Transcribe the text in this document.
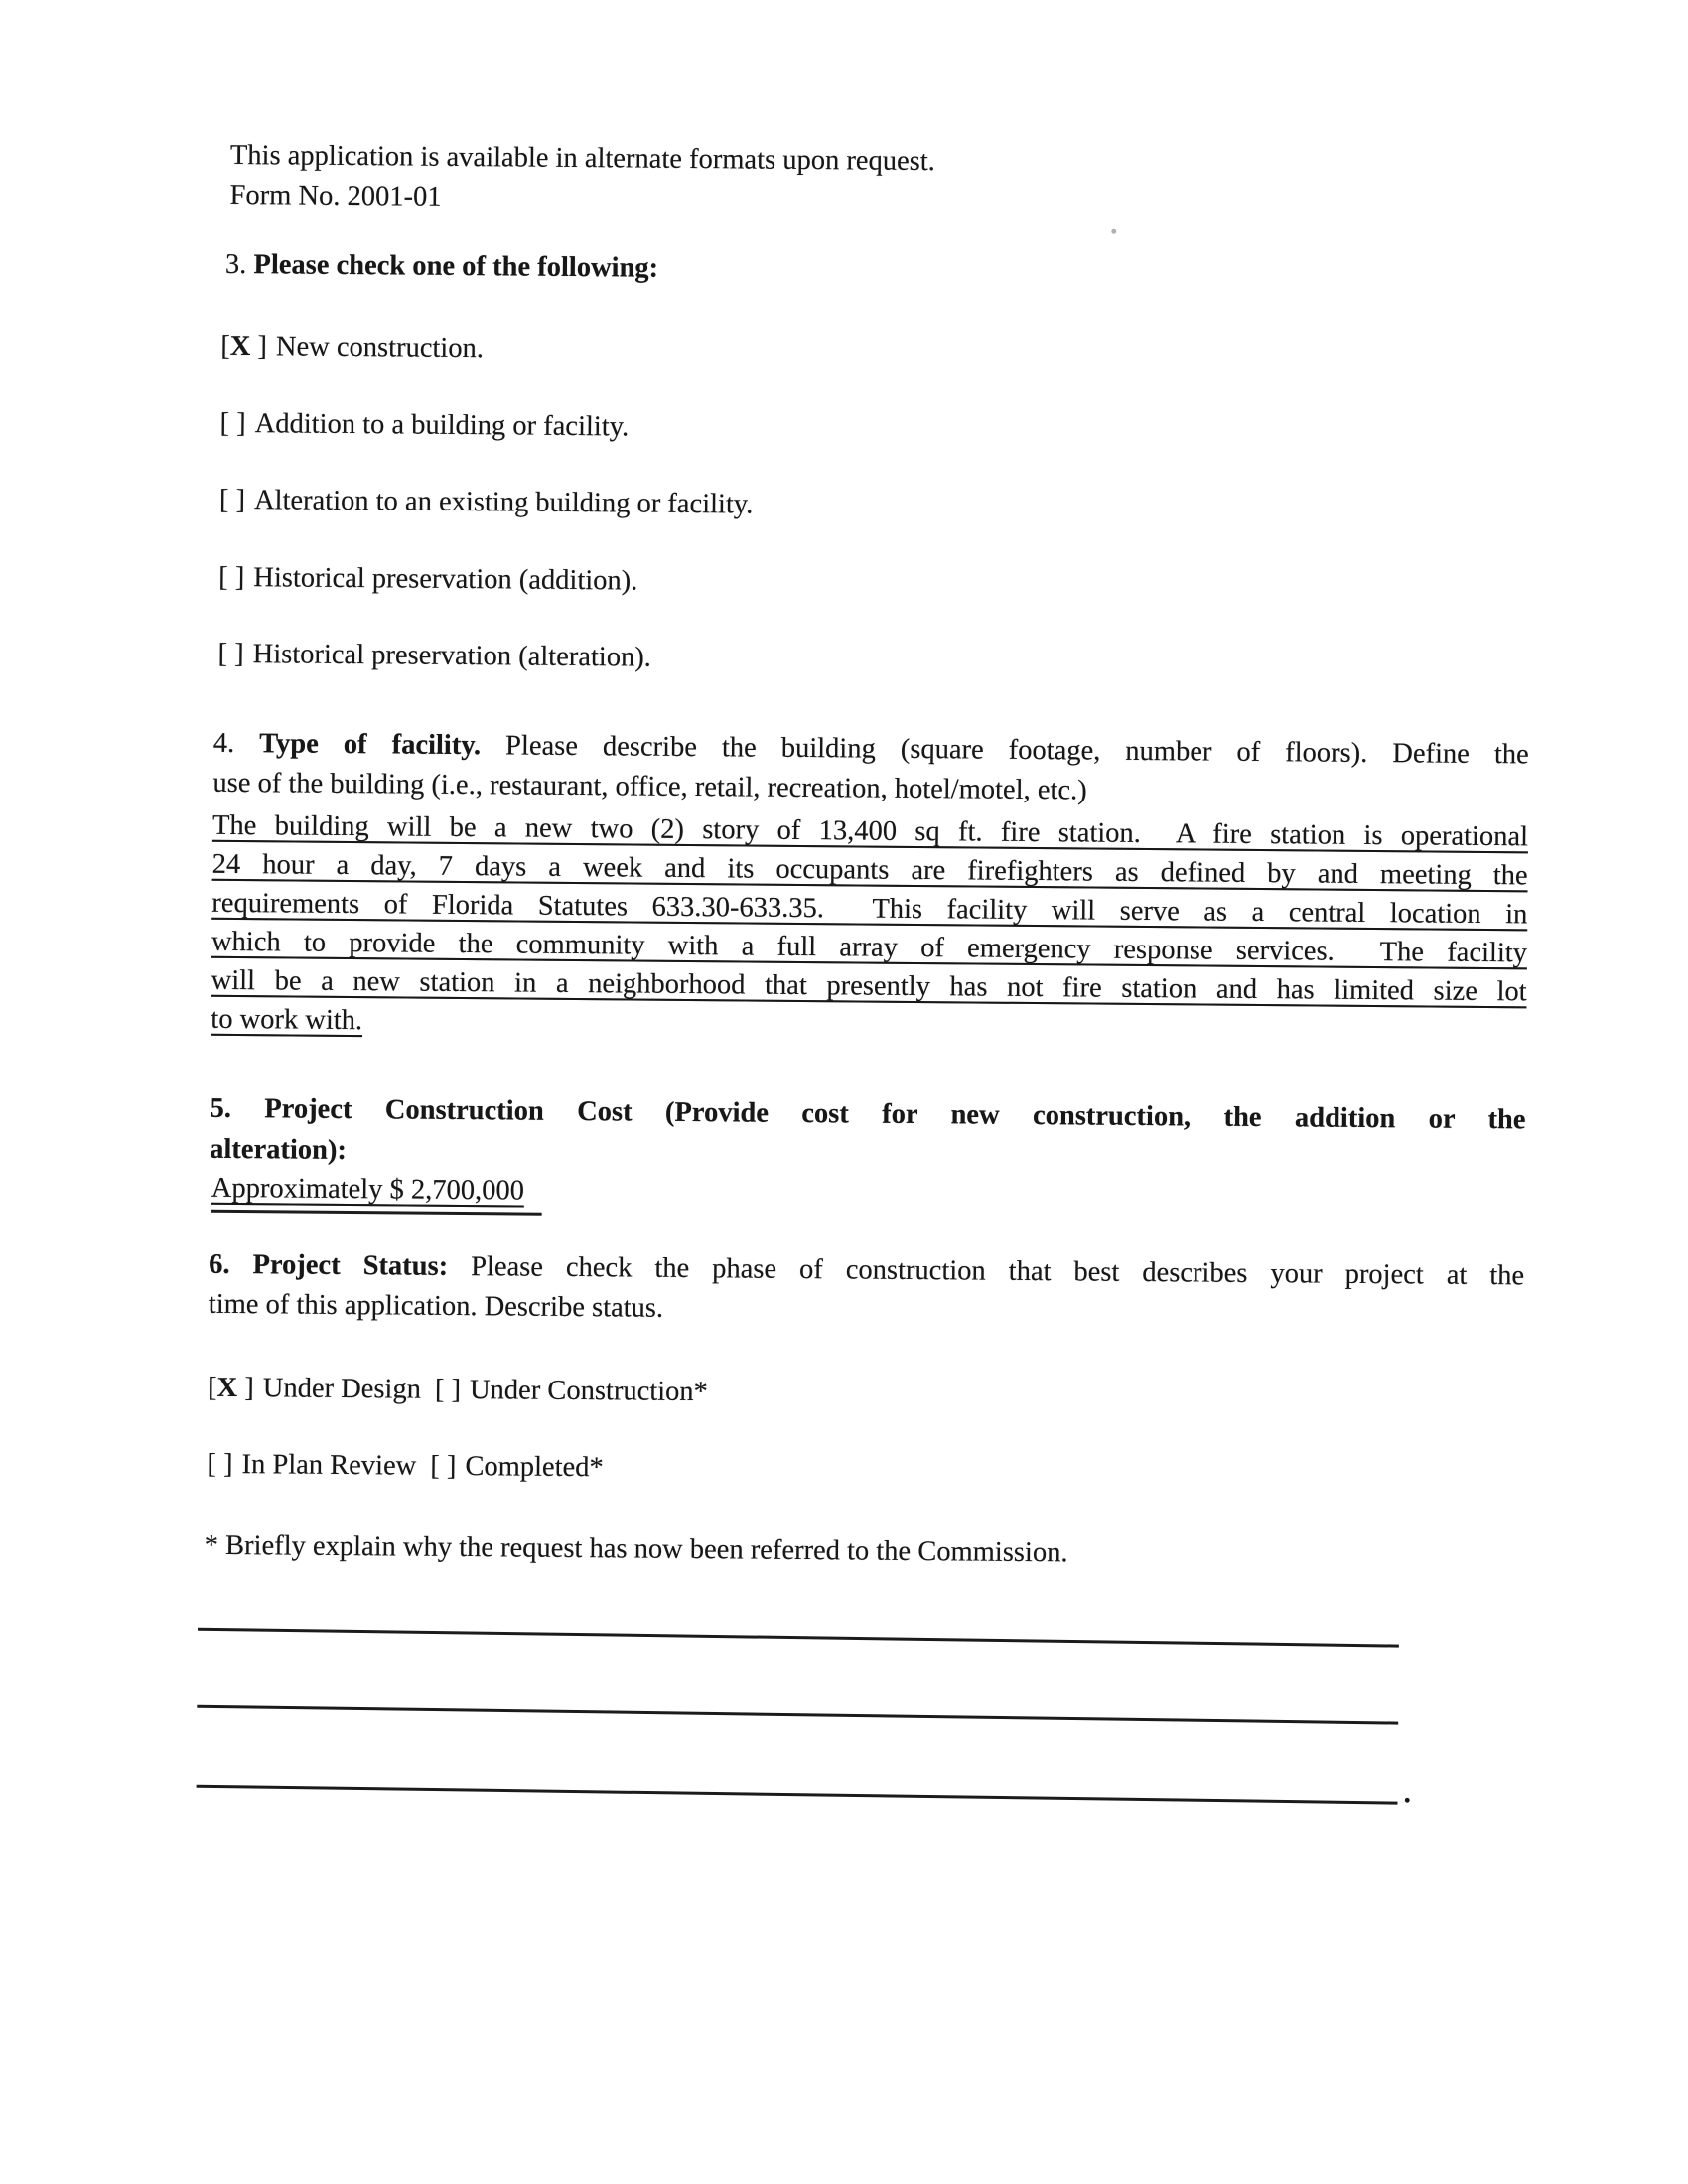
This application is available in alternate formats upon request.
Form No. 2001-01
3. Please check one of the following:
[X ] New construction.
[ ] Addition to a building or facility.
[ ] Alteration to an existing building or facility.
[ ] Historical preservation (addition).
[ ] Historical preservation (alteration).
4. Type of facility. Please describe the building (square footage, number of floors). Define the
use of the building (i.e., restaurant, office, retail, recreation, hotel/motel, etc.)
The building will be a new two (2) story of 13,400 sq ft. fire station.  A fire station is operational
24 hour a day, 7 days a week and its occupants are firefighters as defined by and meeting the
requirements of Florida Statutes 633.30-633.35.  This facility will serve as a central location in
which to provide the community with a full array of emergency response services.  The facility
will be a new station in a neighborhood that presently has not fire station and has limited size lot
to work with.
5. Project Construction Cost (Provide cost for new construction, the addition or the
alteration):
Approximately $ 2,700,000
6. Project Status: Please check the phase of construction that best describes your project at the
time of this application. Describe status.
[X ] Under Design [ ] Under Construction*
[ ] In Plan Review [ ] Completed*
* Briefly explain why the request has now been referred to the Commission.
.
